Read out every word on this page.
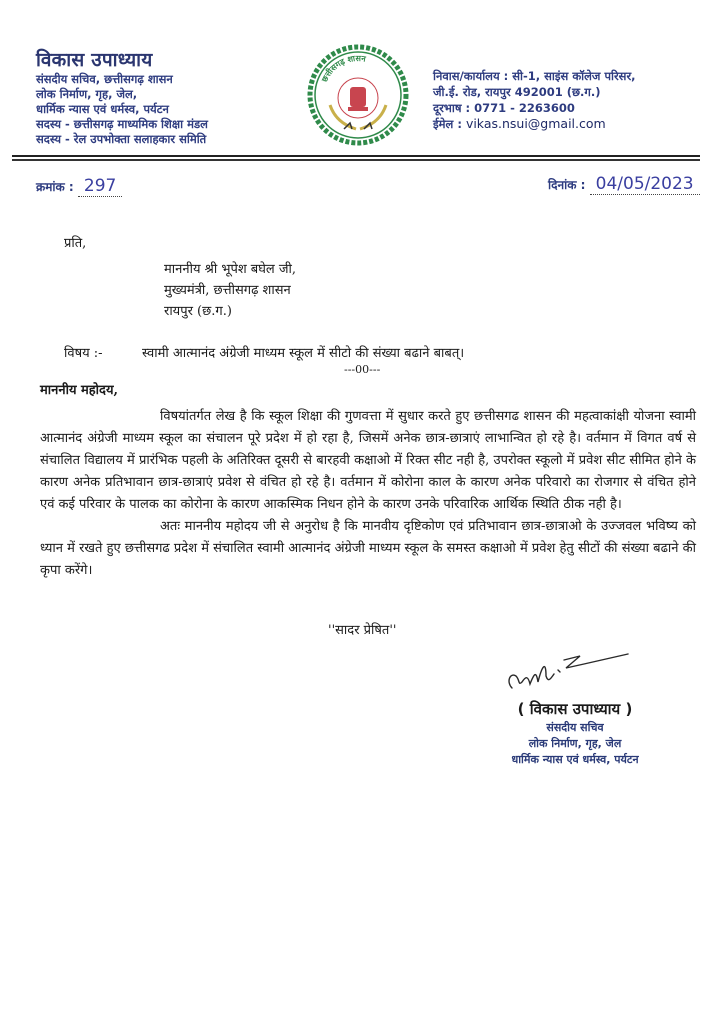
विकास उपाध्याय
संसदीय सचिव, छत्तीसगढ़ शासन
लोक निर्माण, गृह, जेल,
धार्मिक न्यास एवं धर्मस्व, पर्यटन
सदस्य - छत्तीसगढ़ माध्यमिक शिक्षा मंडल
सदस्य - रेल उपभोक्ता सलाहकार समिति
छत्तीसगढ़ शासन
निवास/कार्यालय : सी-1, साइंस कॉलेज परिसर,
जी.ई. रोड, रायपुर 492001 (छ.ग.)
दूरभाष : 0771 - 2263600
ईमेल : vikas.nsui@gmail.com
क्रमांक : 297	दिनांक : 04/05/2023
प्रति,
माननीय श्री भूपेश बघेल जी,
मुख्यमंत्री, छत्तीसगढ़ शासन
रायपुर (छ.ग.)
विषय :-	स्वामी आत्मानंद अंग्रेजी माध्यम स्कूल में सीटो की संख्या बढाने बाबत्।
---00---
माननीय महोदय,

विषयांतर्गत लेख है कि स्कूल शिक्षा की गुणवत्ता में सुधार करते हुए छत्तीसगढ शासन की महत्वाकांक्षी योजना स्वामी आत्मानंद अंग्रेजी माध्यम स्कूल का संचालन पूरे प्रदेश में हो रहा है, जिसमें अनेक छात्र-छात्राएं लाभान्वित हो रहे है। वर्तमान में विगत वर्ष से संचालित विद्यालय में प्रारंभिक पहली के अतिरिक्त दूसरी से बारहवी कक्षाओ में रिक्त सीट नही है, उपरोक्त स्कूलो में प्रवेश सीट सीमित होने के कारण अनेक प्रतिभावान छात्र-छात्राएं प्रवेश से वंचित हो रहे है। वर्तमान में कोरोना काल के कारण अनेक परिवारो का रोजगार से वंचित होने एवं कई परिवार के पालक का कोरोना के कारण आकस्मिक निधन होने के कारण उनके परिवारिक आर्थिक स्थिति ठीक नही है।

अतः माननीय महोदय जी से अनुरोध है कि मानवीय दृष्टिकोण एवं प्रतिभावान छात्र-छात्राओ के उज्जवल भविष्य को ध्यान में रखते हुए छत्तीसगढ प्रदेश में संचालित स्वामी आत्मानंद अंग्रेजी माध्यम स्कूल के समस्त कक्षाओ में प्रवेश हेतु सीटों की संख्या बढाने की कृपा करेंगे।

''सादर प्रेषित''
( विकास उपाध्याय )
संसदीय सचिव
लोक निर्माण, गृह, जेल
धार्मिक न्यास एवं धर्मस्व, पर्यटन
